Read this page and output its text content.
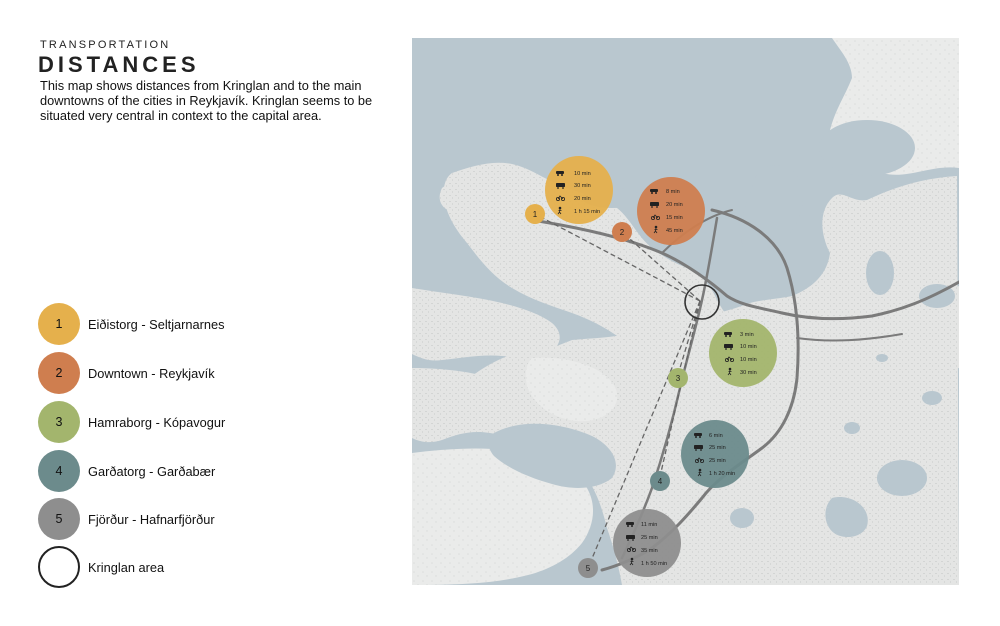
TRANSPORTATION
DISTANCES
This map shows distances from Kringlan and to the main downtowns of the cities in Reykjavík. Kringlan seems to be situated very central in context to the capital area.
1	Eiðistorg - Seltjarnarnes
2	Downtown - Reykjavík
3	Hamraborg - Kópavogur
4	Garðatorg - Garðabær
5	Fjörður - Hafnarfjörður
Kringlan area
1
2
3
4
5
10 min
30 min
20 min
1 h 15 min
8 min
20 min
15 min
45 min
3 min
10 min
10 min
30 min
6 min
25 min
25 min
1 h 20 min
11 min
25 min
35 min
1 h 50 min
